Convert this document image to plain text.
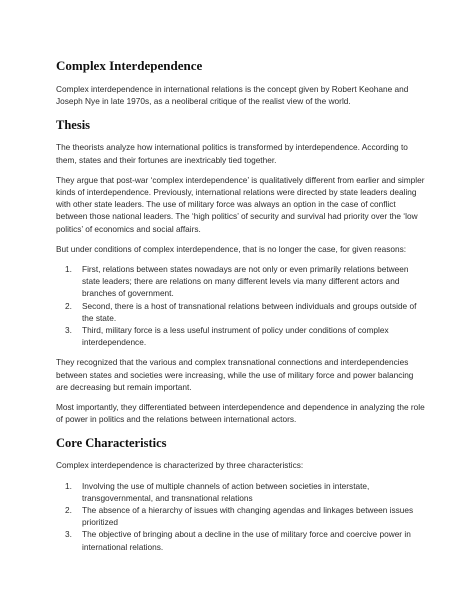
Complex Interdependence

Complex interdependence in international relations is the concept given by Robert Keohane and Joseph Nye in late 1970s, as a neoliberal critique of the realist view of the world.

Thesis

The theorists analyze how international politics is transformed by interdependence. According to them, states and their fortunes are inextricably tied together.

They argue that post-war ‘complex interdependence’ is qualitatively different from earlier and simpler kinds of interdependence. Previously, international relations were directed by state leaders dealing with other state leaders. The use of military force was always an option in the case of conflict between those national leaders. The ‘high politics’ of security and survival had priority over the ‘low politics’ of economics and social affairs.

But under conditions of complex interdependence, that is no longer the case, for given reasons:

1. First, relations between states nowadays are not only or even primarily relations between state leaders; there are relations on many different levels via many different actors and branches of government.
2. Second, there is a host of transnational relations between individuals and groups outside of the state.
3. Third, military force is a less useful instrument of policy under conditions of complex interdependence.

They recognized that the various and complex transnational connections and interdependencies between states and societies were increasing, while the use of military force and power balancing are decreasing but remain important.

Most importantly, they differentiated between interdependence and dependence in analyzing the role of power in politics and the relations between international actors.

Core Characteristics

Complex interdependence is characterized by three characteristics:

1. Involving the use of multiple channels of action between societies in interstate, transgovernmental, and transnational relations
2. The absence of a hierarchy of issues with changing agendas and linkages between issues prioritized
3. The objective of bringing about a decline in the use of military force and coercive power in international relations.
